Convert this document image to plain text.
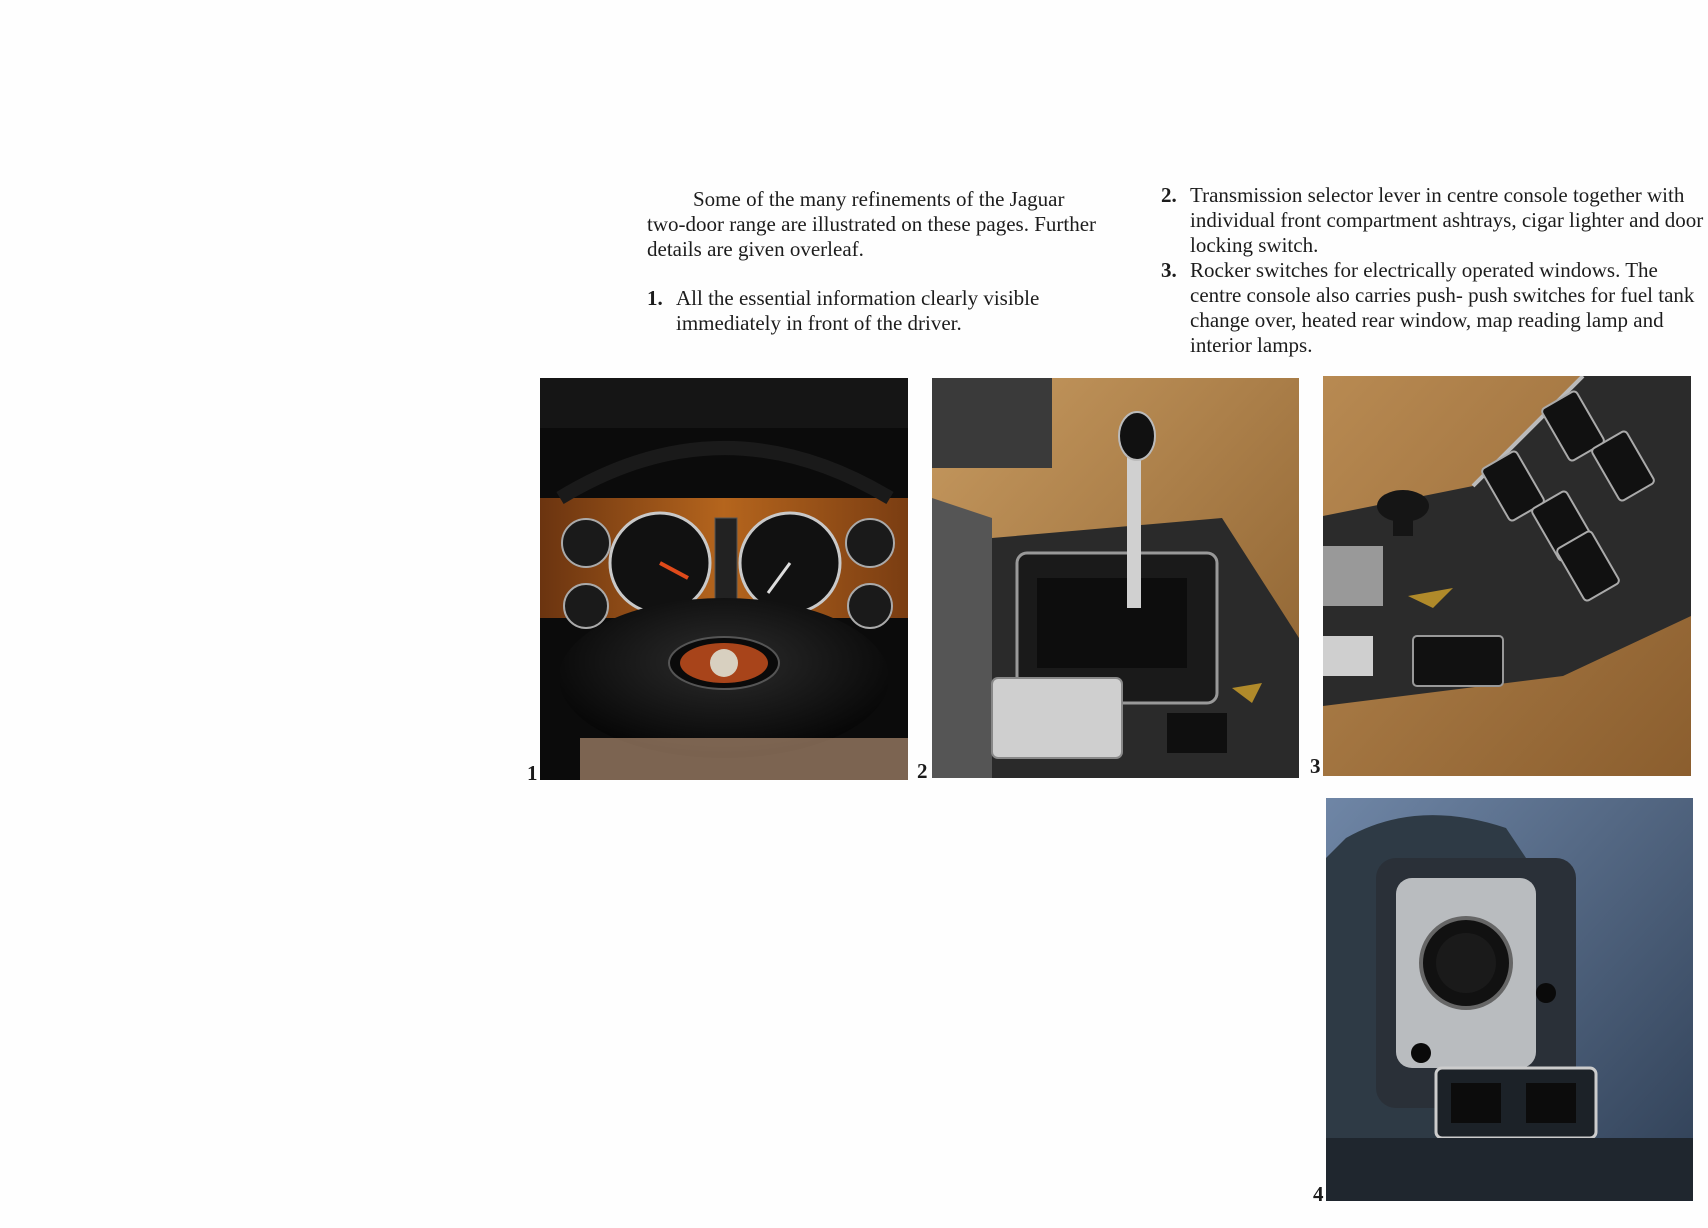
Some of the many refinements of the Jaguar two-door range are illustrated on these pages. Further details are given overleaf.

1. All the essential information clearly visible immediately in front of the driver.
2. Transmission selector lever in centre console together with individual front compartment ashtrays, cigar lighter and door locking switch.
3. Rocker switches for electrically operated windows. The centre console also carries push- push switches for fuel tank change over, heated rear window, map reading lamp and interior lamps.
1	2	3
4
